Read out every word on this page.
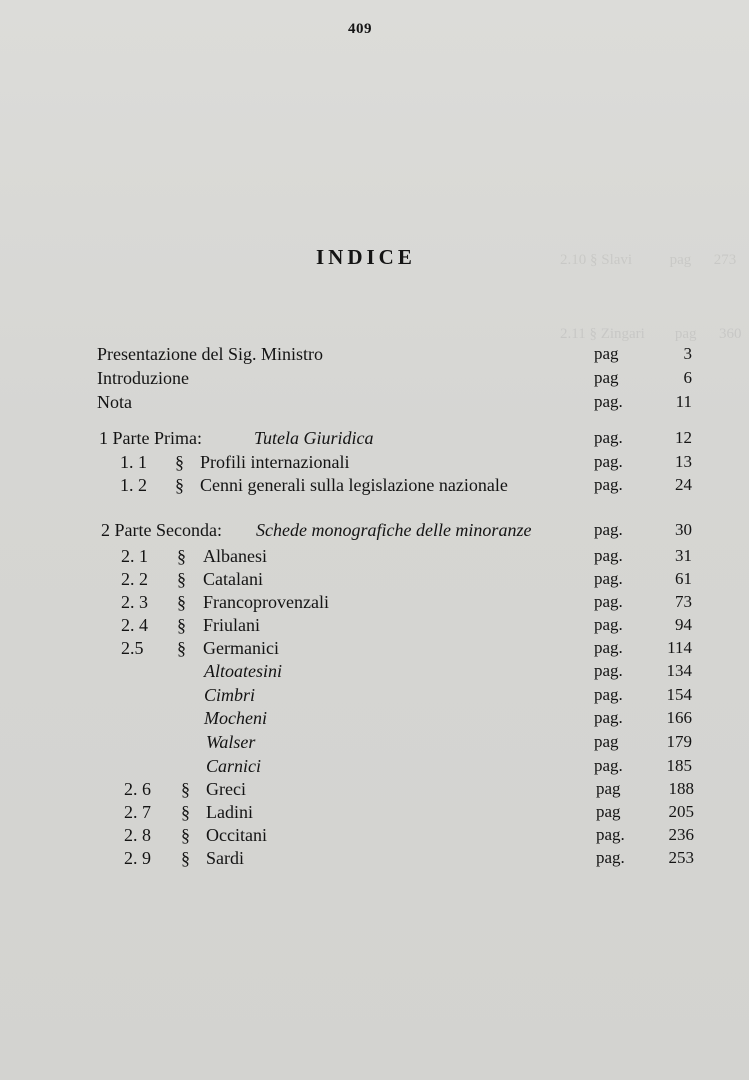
2.10 § Slavi          pag      273
2.11 § Zingari        pag      360
409
INDICE
Presentazione del Sig. Ministro	pag	3
Introduzione	pag	6
Nota	pag.	11
1 Parte Prima:	Tutela Giuridica	pag.	12
1. 1 § Profili internazionali	pag.	13
1. 2 § Cenni generali sulla legislazione nazionale	pag.	24
2 Parte Seconda: Schede monografiche delle minoranze	pag.	30
2. 1 § Albanesi	pag.	31
2. 2 § Catalani	pag.	61
2. 3 § Francoprovenzali	pag.	73
2. 4 § Friulani	pag.	94
2.5 § Germanici	pag.	114
Altoatesini	pag.	134
Cimbri	pag.	154
Mocheni	pag.	166
Walser	pag	179
Carnici	pag.	185
2. 6 § Greci	pag	188
2. 7 § Ladini	pag	205
2. 8 § Occitani	pag.	236
2. 9 § Sardi	pag.	253
